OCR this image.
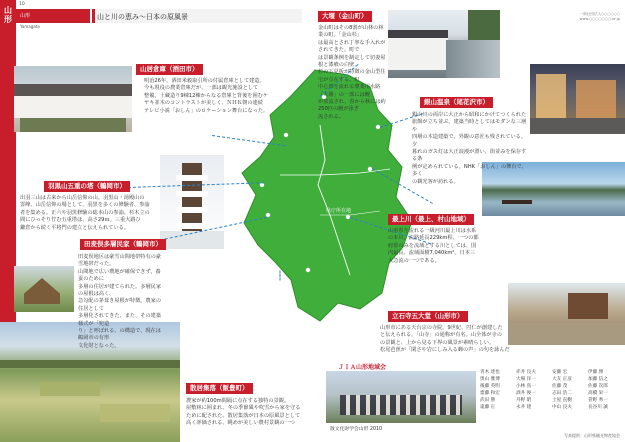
山形
10
山形
Yamagata
山と川の恵み～日本の原風景	一般社団法人○○○○○○
www.○○○○○○○.or.jp
県庁所在地
大堰（金山町）
金山町はその8割が山林の林業の町。「金山杉」
は最高とされ丁寧な手入れがされてきた。町で
は景観条例を制定して切妻屋根と漆喰の白壁、
杉の下見板が特徴の金山型住宅が点在する。町
中心部を流れる農業用水路「大堰」の一部には鯉
が放流され、春から秋には約250匹の鯉が泳ぎ
流される。
山居倉庫（酒田市）
明治26年、酒田米穀取引所の付属倉庫として建造。
今も現役の農業倉庫だが、一部は観光施設として
整備。土蔵造り9棟12棟からなる倉庫と背後を囲むケ
ヤキ並木のコントラストが美しく、ＮＨＫ朝の連続
テレビ小説「おしん」のロケーション舞台になった。
銀山温泉（尾花沢市）
銀山川の両岸に大正から昭和にかけてつくられた
旅館が立ち並ぶ。建築当時としてはモダンな三層や
四層の木造建築で、外観の意匠も残されている。夕
暮れのガス灯は大正浪漫が漂い、街並みを保存する条
例が定められている。NHK「おしん」の舞台で、多く
の観光客が訪れる。
羽黒山五重の塔（鶴岡市）
出羽三山は古来から山岳信仰の山。羽黒山・湯殿山の
霊峰、山岳信仰の場として、羽黒を多くの修験者、参詣
者を集める。正六や羽黒修験の総本山の参詣、杉木立の
間にひっそり佇む五重塔は、高さ29ｍ。三重大路ひ
鎌倉から続く平将門の建立と伝えられている。
田麦俣多層民家（鶴岡市）
田麦俣地区は豪雪山間地帯特有の豪雪地帯だった。
山間地で広い農地が確保できず、養蚕のために
多層の住居が建てられた。多層民家の屋根は高く、
急勾配の茅葺き屋根が特徴。農家の住居として
多層化されてきた、また、その建築様式が「兜造
り」と呼ばれる、の構造で、現在は鶴岡市の有形
文化財となった。
最上川（最上、村山地域）
山形県を流れる一級河川最上川は水系
の本川。流路延長229km程、一つの都
府県のみを流域とする川としては、国
内最長。流域面積7,040km²。日本三
大急流の一つである。
立石寺五大堂（山形市）
山形市にある天台宗の寺院。9世紀、円仁が創建した
と伝えられる。「山寺」の通称が有名。山全体が寺の
の景観と、上から見る下界の風景が素晴らしい。
松尾芭蕉が「閑さや岩にしみ入る蝉の声」の句を詠んだ
散居集落（飯豊町）
農家が約100m間隔に点在する独特の景観。
屋敷林に囲まれ、冬の季節風や吹雪から家を守る
ために配された。散居集落が日本の原風景として
高く評価される、眺めが美しい農村景観の一つ
ＪＩＡ山形地域会
散文化財学会山形 2010
青木 達也	赤井 良夫	安藤 宏	伊藤 博
奥山 雅博	大場 洋一	大友 正彦	加藤 信之
後藤 英明	小林 真一	佐藤 茂	佐藤 次郎
齋藤 和宏	酒井 俊一	志田 浩二	高橋 栄一
武田 勝	丹野 昭	土屋 直樹	菅野 秀一
遠藤 正	永井 建	中山 良夫	長谷川 誠
写真提供：山形県観光物産協会
